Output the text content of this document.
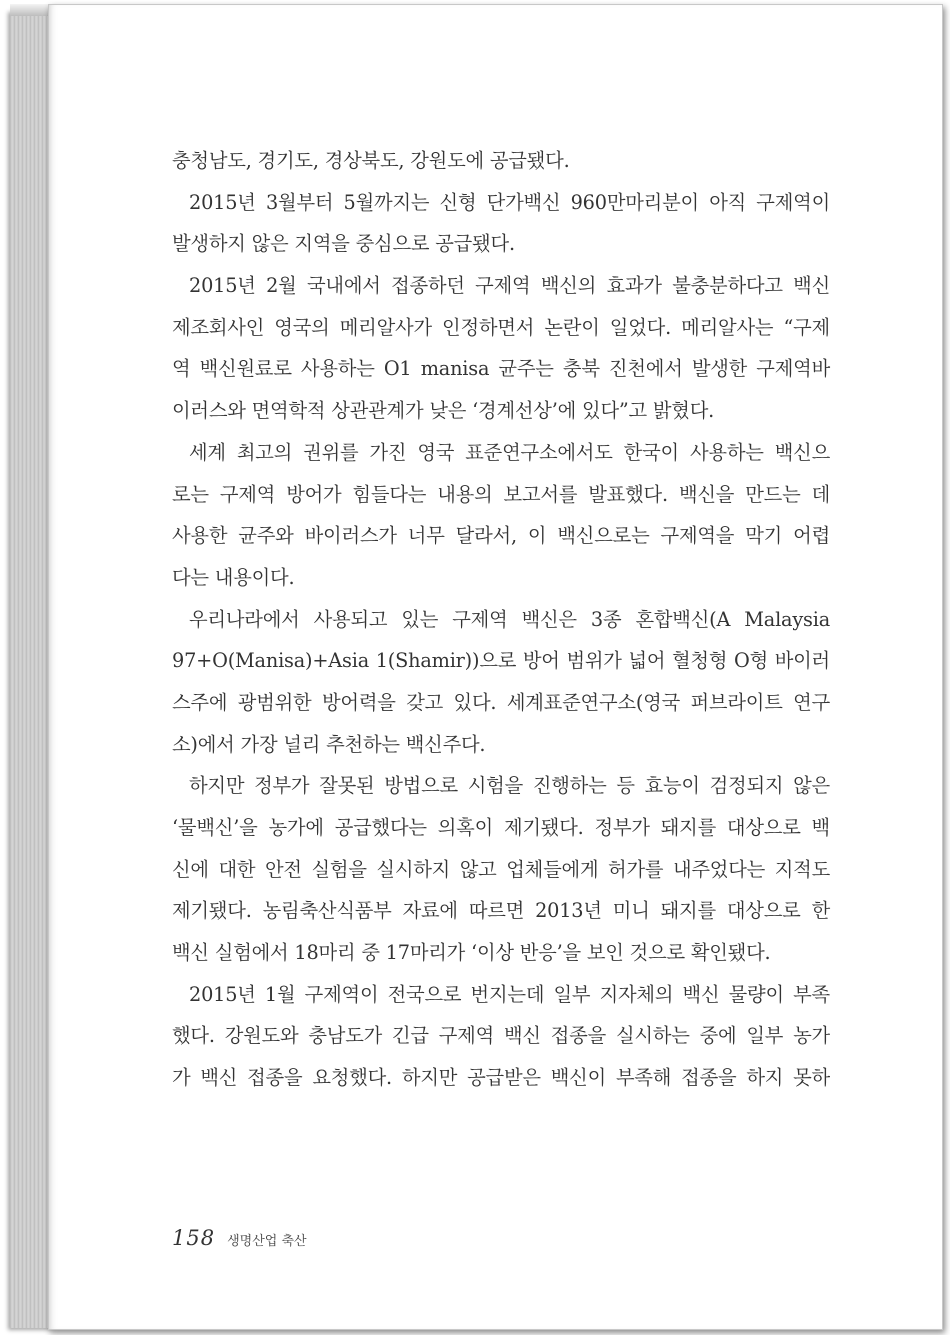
충청남도, 경기도, 경상북도, 강원도에 공급됐다.
2015년 3월부터 5월까지는 신형 단가백신 960만마리분이 아직 구제역이
발생하지 않은 지역을 중심으로 공급됐다.
2015년 2월 국내에서 접종하던 구제역 백신의 효과가 불충분하다고 백신
제조회사인 영국의 메리알사가 인정하면서 논란이 일었다. 메리알사는 “구제
역 백신원료로 사용하는 O1 manisa 균주는 충북 진천에서 발생한 구제역바
이러스와 면역학적 상관관계가 낮은 ‘경계선상’에 있다”고 밝혔다.
세계 최고의 권위를 가진 영국 표준연구소에서도 한국이 사용하는 백신으
로는 구제역 방어가 힘들다는 내용의 보고서를 발표했다. 백신을 만드는 데
사용한 균주와 바이러스가 너무 달라서, 이 백신으로는 구제역을 막기 어렵
다는 내용이다.
우리나라에서 사용되고 있는 구제역 백신은 3종 혼합백신(A Malaysia
97+O(Manisa)+Asia 1(Shamir))으로 방어 범위가 넓어 혈청형 O형 바이러
스주에 광범위한 방어력을 갖고 있다. 세계표준연구소(영국 퍼브라이트 연구
소)에서 가장 널리 추천하는 백신주다.
하지만 정부가 잘못된 방법으로 시험을 진행하는 등 효능이 검정되지 않은
‘물백신’을 농가에 공급했다는 의혹이 제기됐다. 정부가 돼지를 대상으로 백
신에 대한 안전 실험을 실시하지 않고 업체들에게 허가를 내주었다는 지적도
제기됐다. 농림축산식품부 자료에 따르면 2013년 미니 돼지를 대상으로 한
백신 실험에서 18마리 중 17마리가 ‘이상 반응’을 보인 것으로 확인됐다.
2015년 1월 구제역이 전국으로 번지는데 일부 지자체의 백신 물량이 부족
했다. 강원도와 충남도가 긴급 구제역 백신 접종을 실시하는 중에 일부 농가
가 백신 접종을 요청했다. 하지만 공급받은 백신이 부족해 접종을 하지 못하
158 생명산업 축산
